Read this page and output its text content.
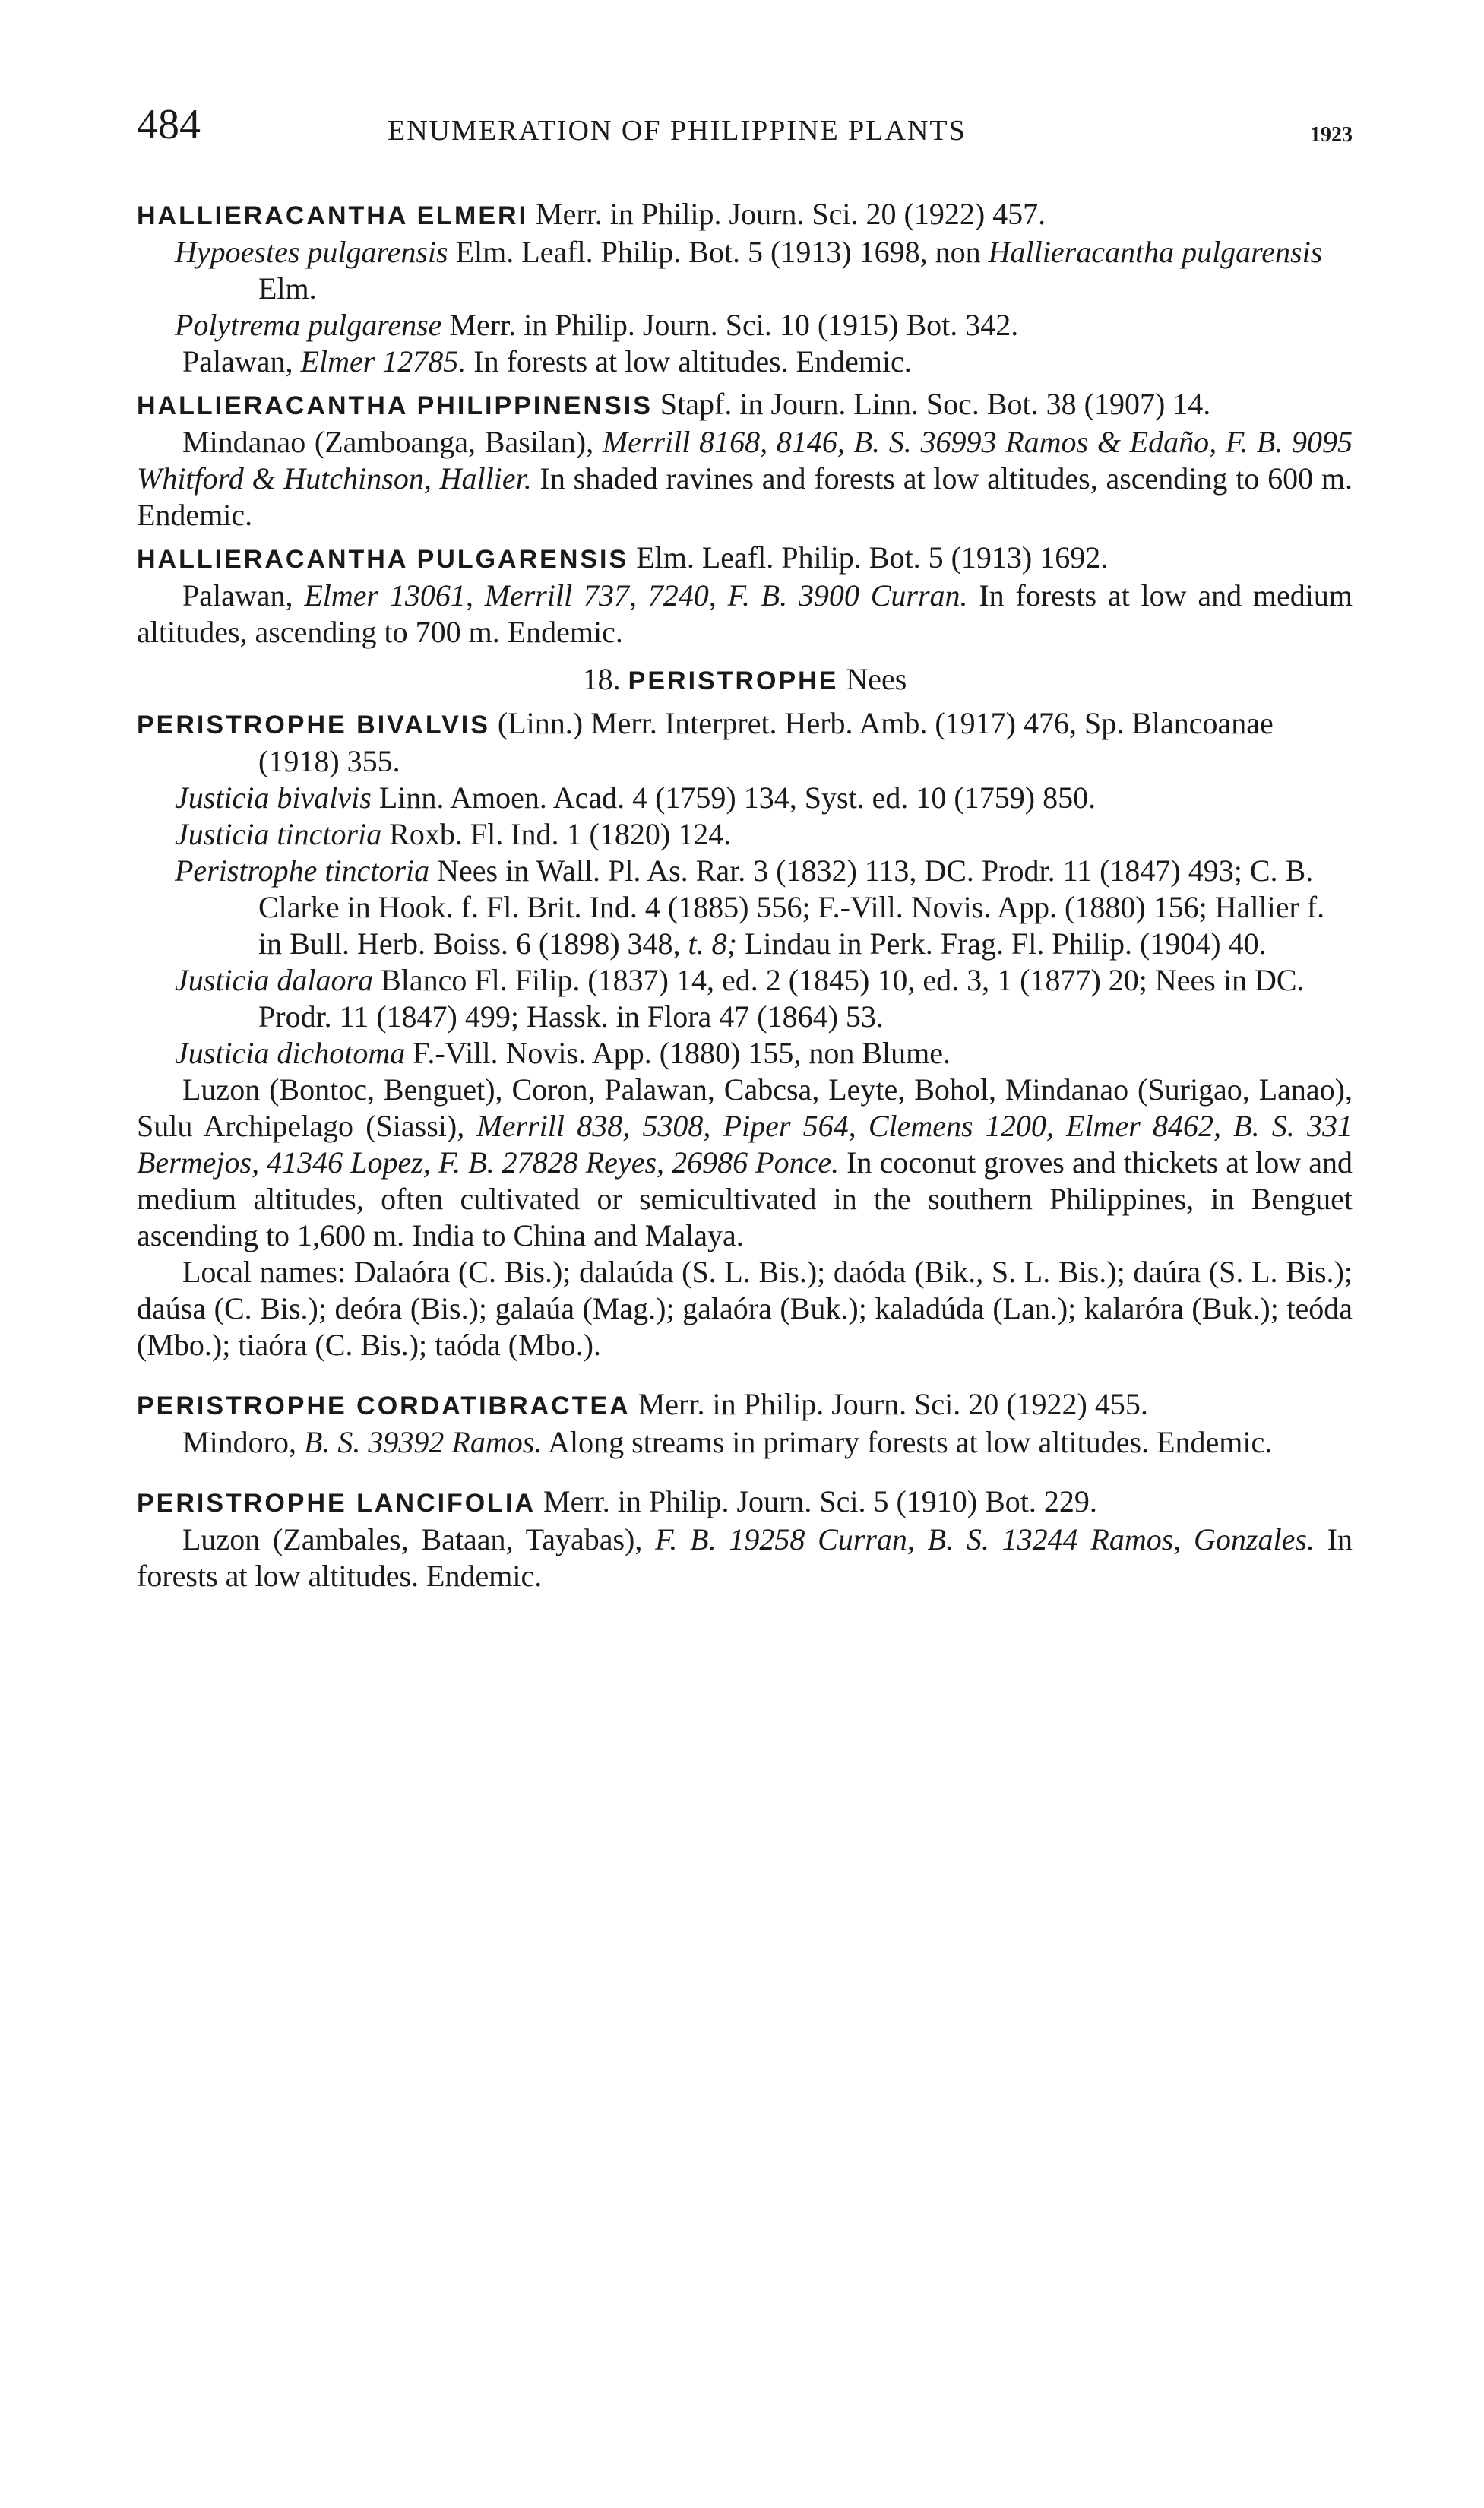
484	ENUMERATION OF PHILIPPINE PLANTS	1923
HALLIERACANTHA ELMERI Merr. in Philip. Journ. Sci. 20 (1922) 457.
Hypoestes pulgarensis Elm. Leafl. Philip. Bot. 5 (1913) 1698, non Hallieracantha pulgarensis Elm.
Polytrema pulgarense Merr. in Philip. Journ. Sci. 10 (1915) Bot. 342.
Palawan, Elmer 12785. In forests at low altitudes. Endemic.
HALLIERACANTHA PHILIPPINENSIS Stapf. in Journ. Linn. Soc. Bot. 38 (1907) 14.
Mindanao (Zamboanga, Basilan), Merrill 8168, 8146, B. S. 36993 Ramos & Edaño, F. B. 9095 Whitford & Hutchinson, Hallier. In shaded ravines and forests at low altitudes, ascending to 600 m. Endemic.
HALLIERACANTHA PULGARENSIS Elm. Leafl. Philip. Bot. 5 (1913) 1692.
Palawan, Elmer 13061, Merrill 737, 7240, F. B. 3900 Curran. In forests at low and medium altitudes, ascending to 700 m. Endemic.
18. PERISTROPHE Nees
PERISTROPHE BIVALVIS (Linn.) Merr. Interpret. Herb. Amb. (1917) 476, Sp. Blancoanae (1918) 355.
Justicia bivalvis Linn. Amoen. Acad. 4 (1759) 134, Syst. ed. 10 (1759) 850.
Justicia tinctoria Roxb. Fl. Ind. 1 (1820) 124.
Peristrophe tinctoria Nees in Wall. Pl. As. Rar. 3 (1832) 113, DC. Prodr. 11 (1847) 493; C. B. Clarke in Hook. f. Fl. Brit. Ind. 4 (1885) 556; F.-Vill. Novis. App. (1880) 156; Hallier f. in Bull. Herb. Boiss. 6 (1898) 348, t. 8; Lindau in Perk. Frag. Fl. Philip. (1904) 40.
Justicia dalaora Blanco Fl. Filip. (1837) 14, ed. 2 (1845) 10, ed. 3, 1 (1877) 20; Nees in DC. Prodr. 11 (1847) 499; Hassk. in Flora 47 (1864) 53.
Justicia dichotoma F.-Vill. Novis. App. (1880) 155, non Blume.
Luzon (Bontoc, Benguet), Coron, Palawan, Cabcsa, Leyte, Bohol, Mindanao (Surigao, Lanao), Sulu Archipelago (Siassi), Merrill 838, 5308, Piper 564, Clemens 1200, Elmer 8462, B. S. 331 Bermejos, 41346 Lopez, F. B. 27828 Reyes, 26986 Ponce. In coconut groves and thickets at low and medium altitudes, often cultivated or semicultivated in the southern Philippines, in Benguet ascending to 1,600 m. India to China and Malaya.
Local names: Dalaóra (C. Bis.); dalaúda (S. L. Bis.); daóda (Bik., S. L. Bis.); daúra (S. L. Bis.); daúsa (C. Bis.); deóra (Bis.); galaúa (Mag.); galaóra (Buk.); kaladúda (Lan.); kalaróra (Buk.); teóda (Mbo.); tiaóra (C. Bis.); taóda (Mbo.).
PERISTROPHE CORDATIBRACTEA Merr. in Philip. Journ. Sci. 20 (1922) 455.
Mindoro, B. S. 39392 Ramos. Along streams in primary forests at low altitudes. Endemic.
PERISTROPHE LANCIFOLIA Merr. in Philip. Journ. Sci. 5 (1910) Bot. 229.
Luzon (Zambales, Bataan, Tayabas), F. B. 19258 Curran, B. S. 13244 Ramos, Gonzales. In forests at low altitudes. Endemic.
